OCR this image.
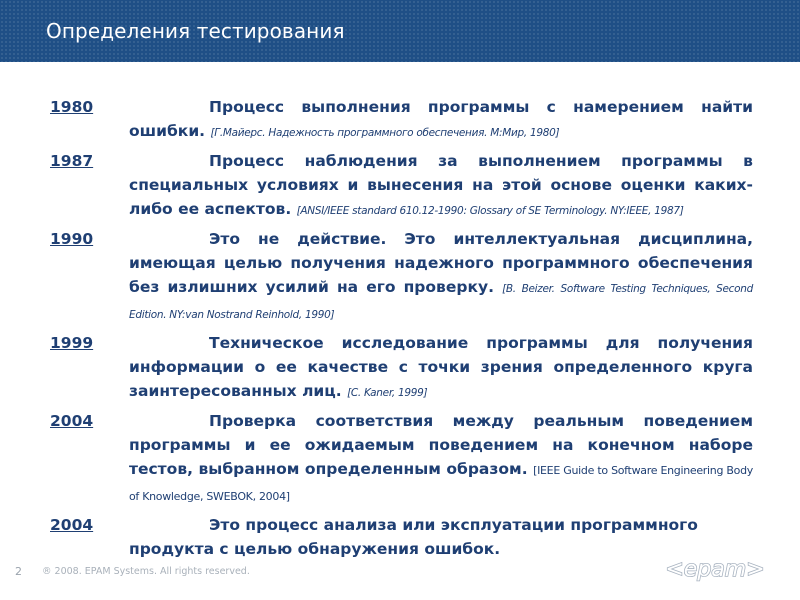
Определения тестирования
1980	Процесс выполнения программы с намерением найти ошибки. [Г.Майерс. Надежность программного обеспечения. М:Мир, 1980]

1987	Процесс наблюдения за выполнением программы в специальных условиях и вынесения на этой основе оценки каких-либо ее аспектов. [ANSI/IEEE standard 610.12-1990: Glossary of SE Terminology. NY:IEEE, 1987]

1990	Это не действие. Это интеллектуальная дисциплина, имеющая целью получения надежного программного обеспечения без излишних усилий на его проверку. [B. Beizer. Software Testing Techniques, Second Edition. NY:van Nostrand Reinhold, 1990]

1999	Техническое исследование программы для получения информации о ее качестве с точки зрения определенного круга заинтересованных лиц. [C. Kaner, 1999]

2004	Проверка соответствия между реальным поведением программы и ее ожидаемым поведением на конечном наборе тестов, выбранном определенным образом. [IEEE Guide to Software Engineering Body of Knowledge, SWEBOK, 2004]

2004	Это процесс анализа или эксплуатации программного продукта с целью обнаружения ошибок.

2 ® 2008. EPAM Systems. All rights reserved.	<epam>
